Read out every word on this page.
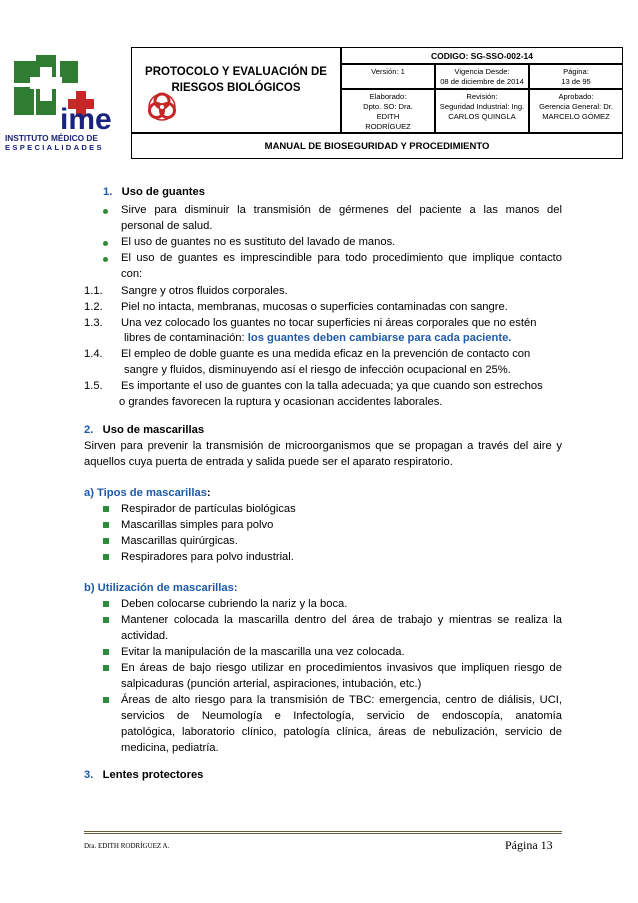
ime
INSTITUTO MÉDICO DE
ESPECIALIDADES
PROTOCOLO Y EVALUACIÓN DE
RIESGOS BIOLÓGICOS
CODIGO: SG-SSO-002-14
Versión: 1	Vigencia Desde:
08 de diciembre de 2014
Página:
13 de 95
Elaborado:
Dpto. SO: Dra.
EDITH
RODRÍGUEZ
Revisión:
Seguridad Industrial: Ing.
CARLOS QUINGLA
Aprobado:
Gerencia General: Dr.
MARCELO GÓMEZ
MANUAL DE BIOSEGURIDAD Y PROCEDIMIENTO
1. Uso de guantes
Sirve para disminuir la transmisión de gérmenes del paciente a las manos del
personal de salud.
El uso de guantes no es sustituto del lavado de manos.
El uso de guantes es imprescindible para todo procedimiento que implique contacto
con:
1.1. Sangre y otros fluidos corporales.
1.2. Piel no intacta, membranas, mucosas o superficies contaminadas con sangre.
1.3. Una vez colocado los guantes no tocar superficies ni áreas corporales que no estén
libres de contaminación: los guantes deben cambiarse para cada paciente.
1.4. El empleo de doble guante es una medida eficaz en la prevención de contacto con
sangre y fluidos, disminuyendo así el riesgo de infección ocupacional en 25%.
1.5. Es importante el uso de guantes con la talla adecuada; ya que cuando son estrechos
o grandes favorecen la ruptura y ocasionan accidentes laborales.
2. Uso de mascarillas
Sirven para prevenir la transmisión de microorganismos que se propagan a través del aire y
aquellos cuya puerta de entrada y salida puede ser el aparato respiratorio.
a) Tipos de mascarillas:
Respirador de partículas biológicas
Mascarillas simples para polvo
Mascarillas quirúrgicas.
Respiradores para polvo industrial.
b) Utilización de mascarillas:
Deben colocarse cubriendo la nariz y la boca.
Mantener colocada la mascarilla dentro del área de trabajo y mientras se realiza la
actividad.
Evitar la manipulación de la mascarilla una vez colocada.
En áreas de bajo riesgo utilizar en procedimientos invasivos que impliquen riesgo de
salpicaduras (punción arterial, aspiraciones, intubación, etc.)
Áreas de alto riesgo para la transmisión de TBC: emergencia, centro de diálisis, UCI,
servicios de Neumología e Infectología, servicio de endoscopía, anatomía
patológica, laboratorio clínico, patología clínica, áreas de nebulización, servicio de
medicina, pediatría.
3. Lentes protectores
Dra. EDITH RODRÍGUEZ A.	Página 13
